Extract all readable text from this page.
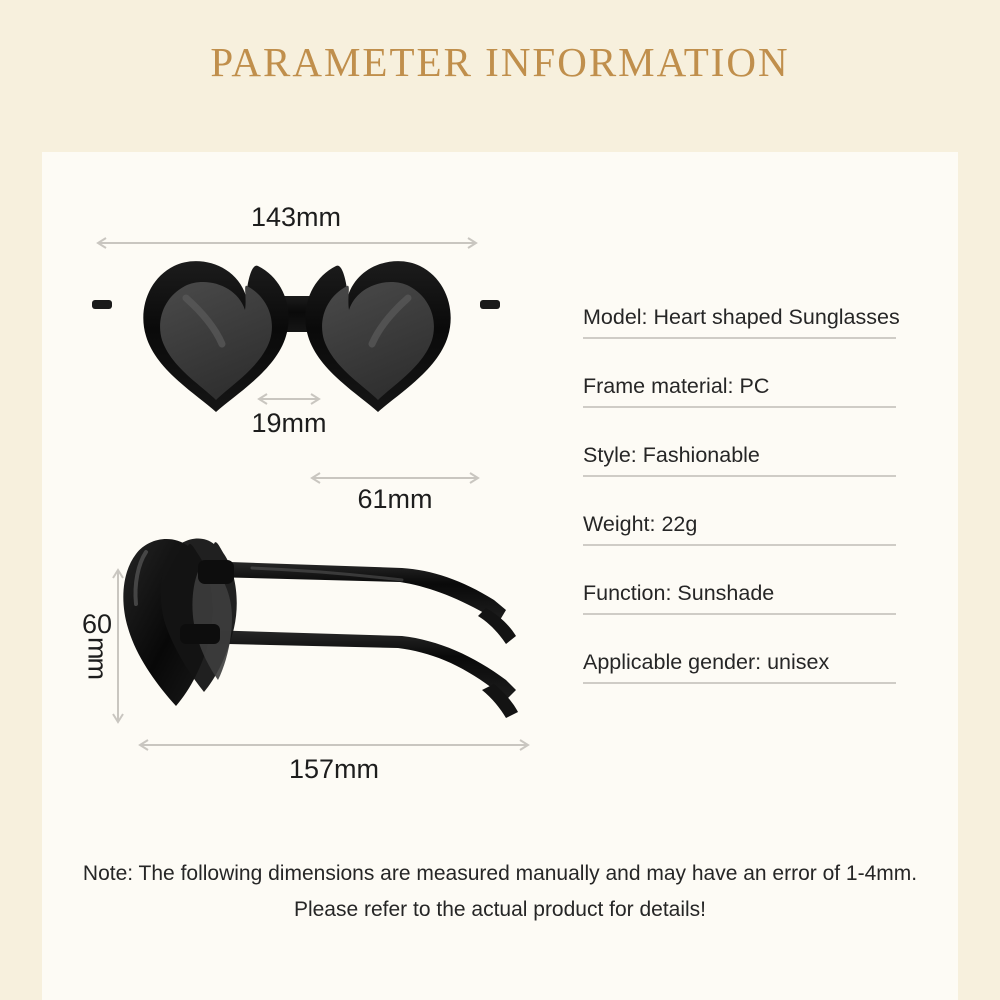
PARAMETER INFORMATION
143mm
19mm
61mm
60
mm
157mm
Model: Heart shaped Sunglasses
Frame material: PC
Style: Fashionable
Weight: 22g
Function: Sunshade
Applicable gender: unisex
Note: The following dimensions are measured manually and may have an error of 1-4mm.
Please refer to the actual product for details!
